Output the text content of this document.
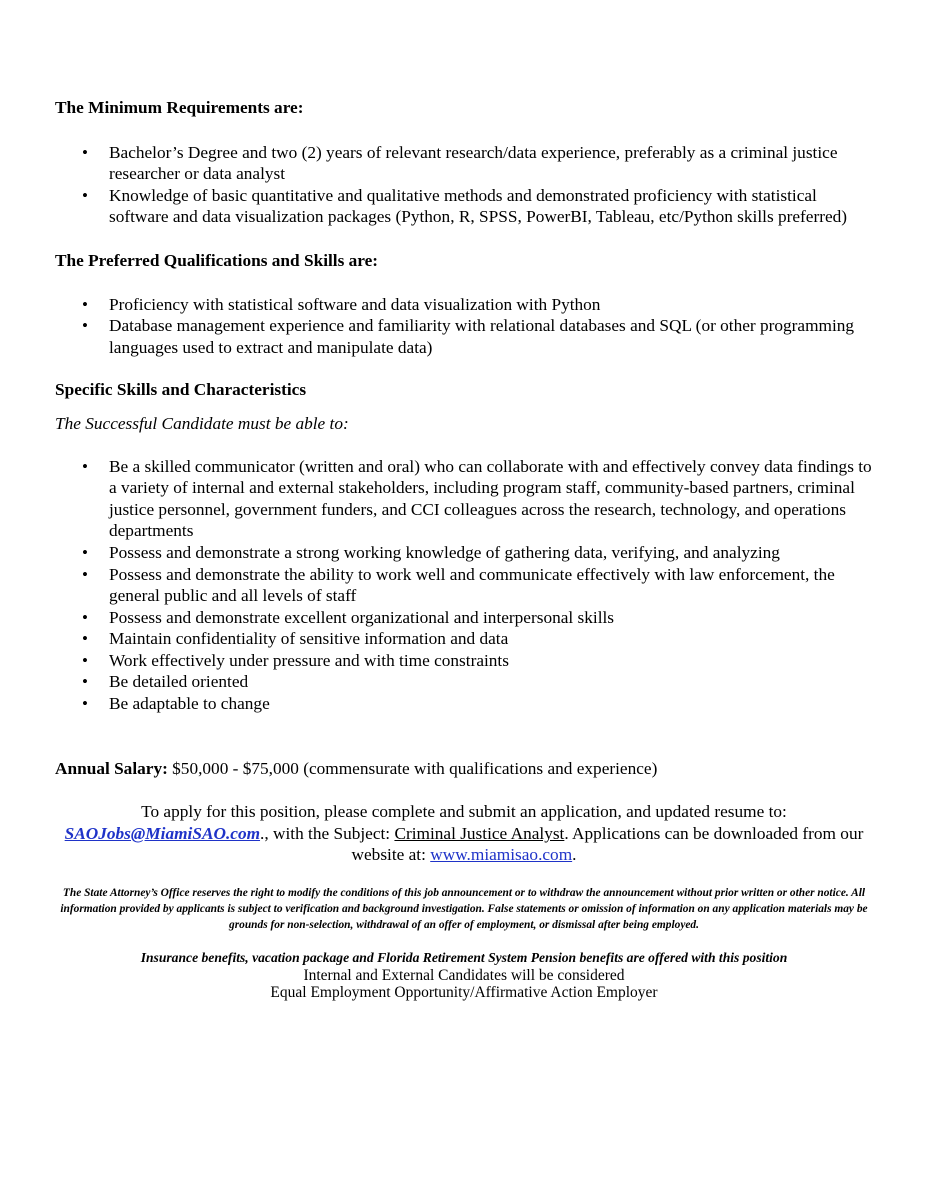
The Minimum Requirements are:

• Bachelor’s Degree and two (2) years of relevant research/data experience, preferably as a criminal justice researcher or data analyst
• Knowledge of basic quantitative and qualitative methods and demonstrated proficiency with statistical software and data visualization packages (Python, R, SPSS, PowerBI, Tableau, etc/Python skills preferred)

The Preferred Qualifications and Skills are:

• Proficiency with statistical software and data visualization with Python
• Database management experience and familiarity with relational databases and SQL (or other programming languages used to extract and manipulate data)

Specific Skills and Characteristics

The Successful Candidate must be able to:

• Be a skilled communicator (written and oral) who can collaborate with and effectively convey data findings to a variety of internal and external stakeholders, including program staff, community-based partners, criminal justice personnel, government funders, and CCI colleagues across the research, technology, and operations departments
• Possess and demonstrate a strong working knowledge of gathering data, verifying, and analyzing
• Possess and demonstrate the ability to work well and communicate effectively with law enforcement, the general public and all levels of staff
• Possess and demonstrate excellent organizational and interpersonal skills
• Maintain confidentiality of sensitive information and data
• Work effectively under pressure and with time constraints
• Be detailed oriented
• Be adaptable to change

Annual Salary: $50,000 - $75,000 (commensurate with qualifications and experience)

To apply for this position, please complete and submit an application, and updated resume to:
SAOJobs@MiamiSAO.com., with the Subject: Criminal Justice Analyst. Applications can be downloaded from our website at: www.miamisao.com.

The State Attorney’s Office reserves the right to modify the conditions of this job announcement or to withdraw the announcement without prior written or other notice. All information provided by applicants is subject to verification and background investigation. False statements or omission of information on any application materials may be grounds for non-selection, withdrawal of an offer of employment, or dismissal after being employed.

Insurance benefits, vacation package and Florida Retirement System Pension benefits are offered with this position
Internal and External Candidates will be considered
Equal Employment Opportunity/Affirmative Action Employer
